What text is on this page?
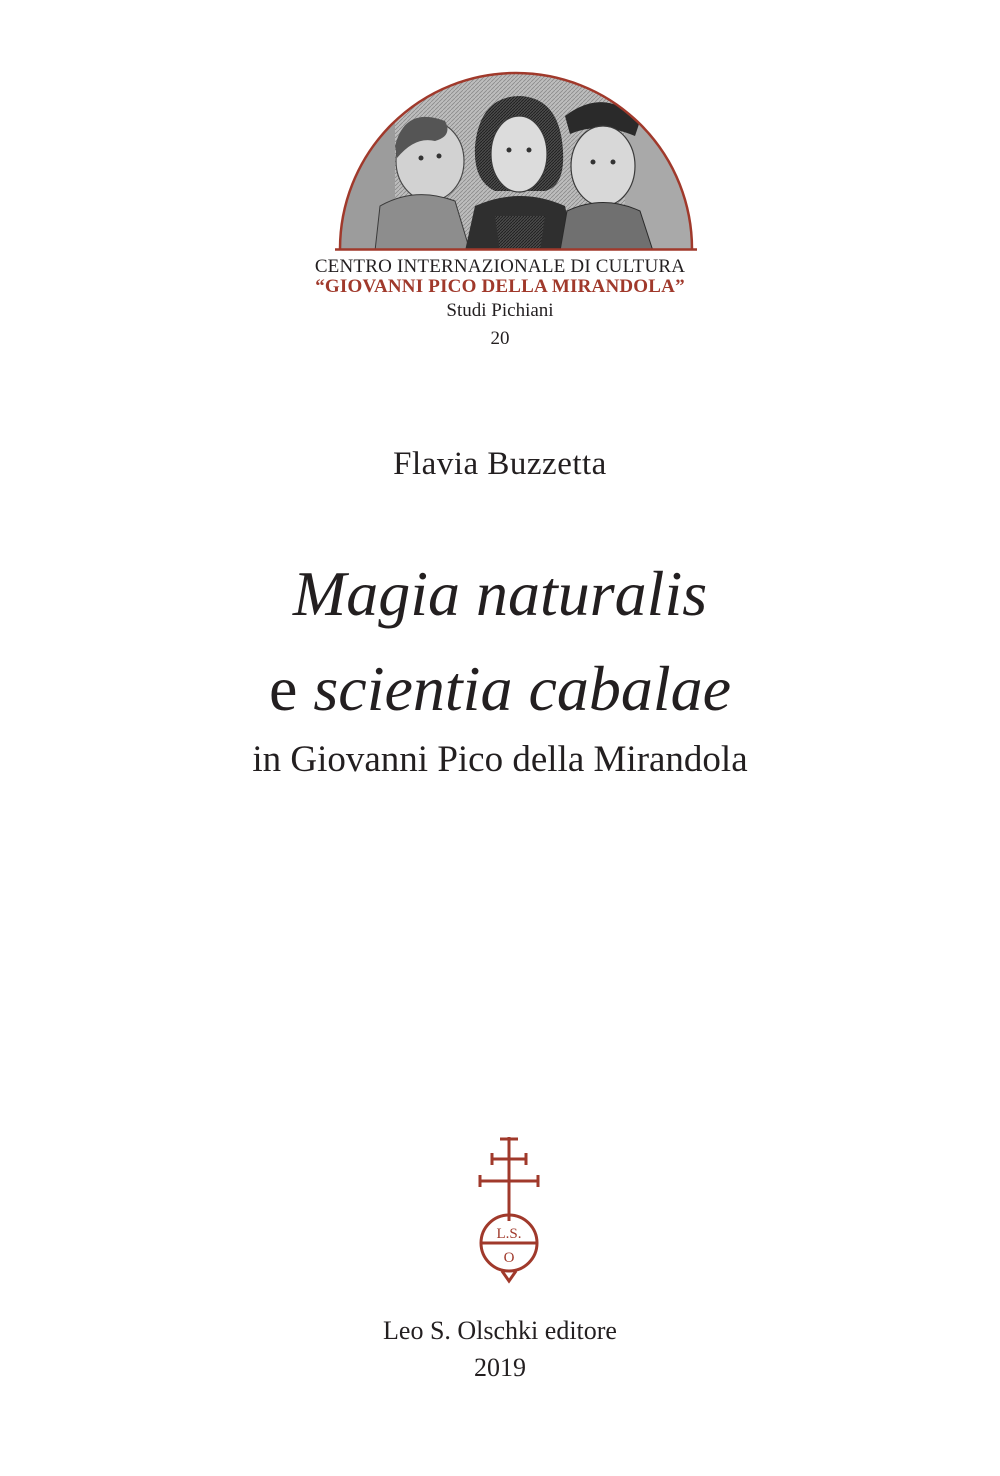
CENTRO INTERNAZIONALE DI CULTURA
“GIOVANNI PICO DELLA MIRANDOLA”
Studi Pichiani
20
Flavia Buzzetta
Magia naturalis
e scientia cabalae
in Giovanni Pico della Mirandola
L.S.
O
Leo S. Olschki editore
2019
